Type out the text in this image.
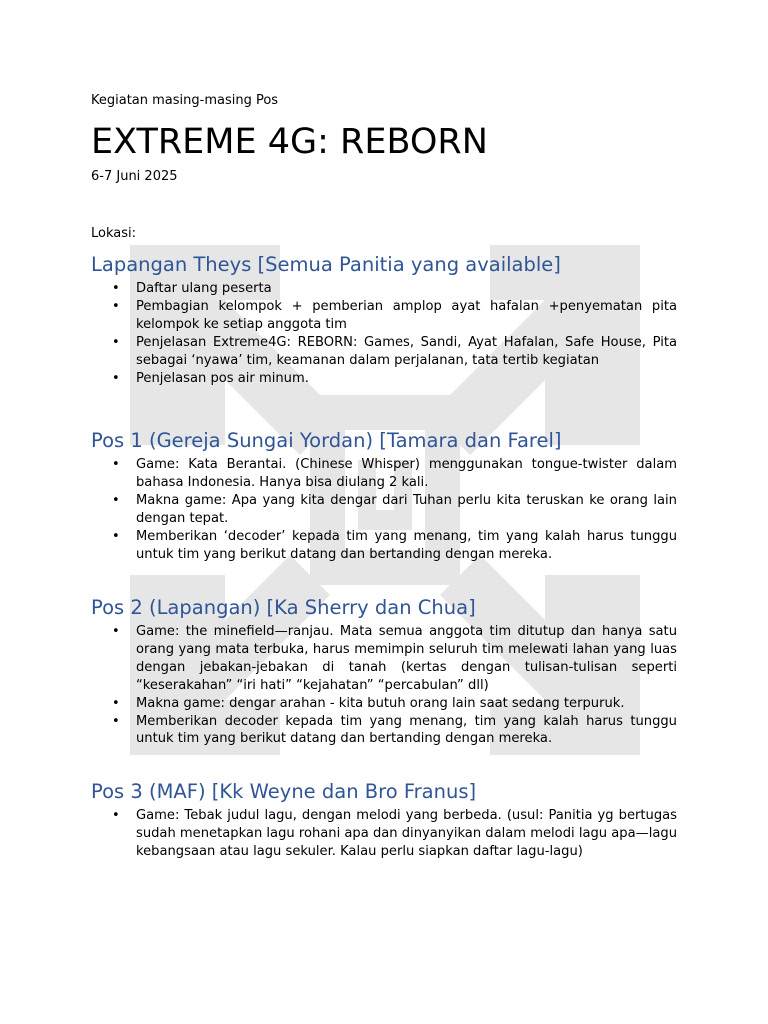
Kegiatan masing-masing Pos
EXTREME 4G: REBORN
6-7 Juni 2025
Lokasi:
Lapangan Theys [Semua Panitia yang available]
• Daftar ulang peserta
• Pembagian kelompok + pemberian amplop ayat hafalan +penyematan pita kelompok ke setiap anggota tim
• Penjelasan Extreme4G: REBORN: Games, Sandi, Ayat Hafalan, Safe House, Pita sebagai ‘nyawa’ tim, keamanan dalam perjalanan, tata tertib kegiatan
• Penjelasan pos air minum.
Pos 1 (Gereja Sungai Yordan) [Tamara dan Farel]
• Game: Kata Berantai. (Chinese Whisper) menggunakan tongue-twister dalam bahasa Indonesia. Hanya bisa diulang 2 kali.
• Makna game: Apa yang kita dengar dari Tuhan perlu kita teruskan ke orang lain dengan tepat.
• Memberikan ‘decoder’ kepada tim yang menang, tim yang kalah harus tunggu untuk tim yang berikut datang dan bertanding dengan mereka.
Pos 2 (Lapangan) [Ka Sherry dan Chua]
• Game: the minefield—ranjau. Mata semua anggota tim ditutup dan hanya satu orang yang mata terbuka, harus memimpin seluruh tim melewati lahan yang luas dengan jebakan-jebakan di tanah (kertas dengan tulisan-tulisan seperti “keserakahan” “iri hati” “kejahatan” “percabulan” dll)
• Makna game: dengar arahan - kita butuh orang lain saat sedang terpuruk.
• Memberikan decoder kepada tim yang menang, tim yang kalah harus tunggu untuk tim yang berikut datang dan bertanding dengan mereka.
Pos 3 (MAF) [Kk Weyne dan Bro Franus]
• Game: Tebak judul lagu, dengan melodi yang berbeda. (usul: Panitia yg bertugas sudah menetapkan lagu rohani apa dan dinyanyikan dalam melodi lagu apa—lagu kebangsaan atau lagu sekuler. Kalau perlu siapkan daftar lagu-lagu)
